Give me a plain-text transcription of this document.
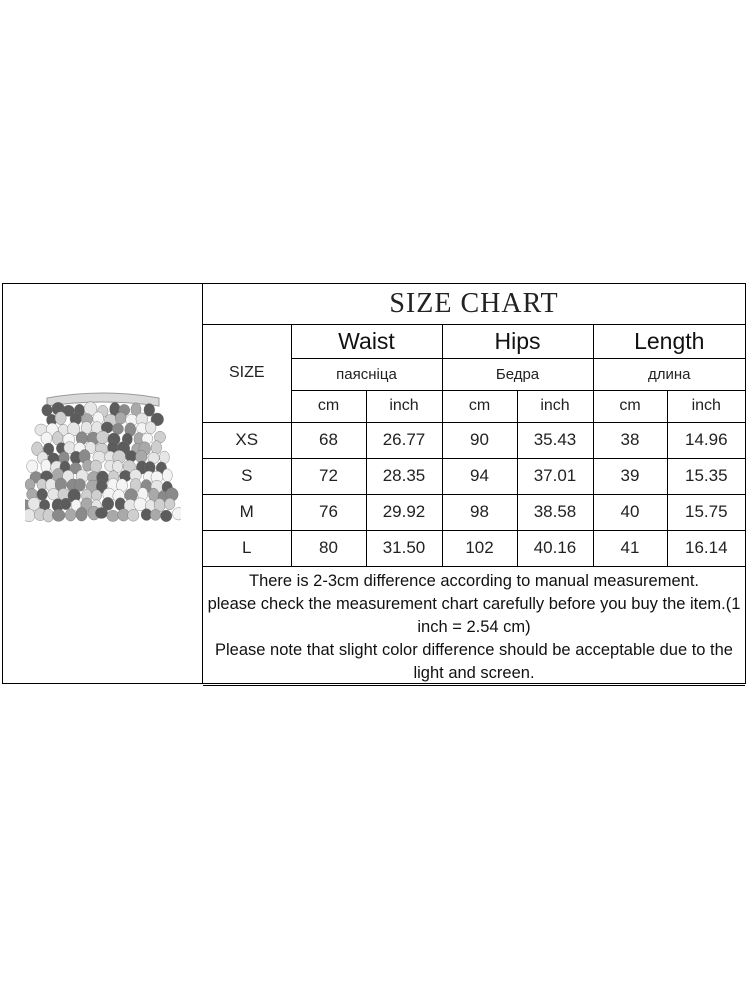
SIZE CHART						
SIZE	Waist		Hips		Length	
	паясніца		Бедра		длина	
	cm	inch	cm	inch	cm	inch
XS	68	26.77	90	35.43	38	14.96
S	72	28.35	94	37.01	39	15.35
M	76	29.92	98	38.58	40	15.75
L	80	31.50	102	40.16	41	16.14

There is 2-3cm difference according to manual measurement.
please check the measurement chart carefully before you buy the item.(1 inch = 2.54 cm)
Please note that slight color difference should be acceptable due to the light and screen.						
